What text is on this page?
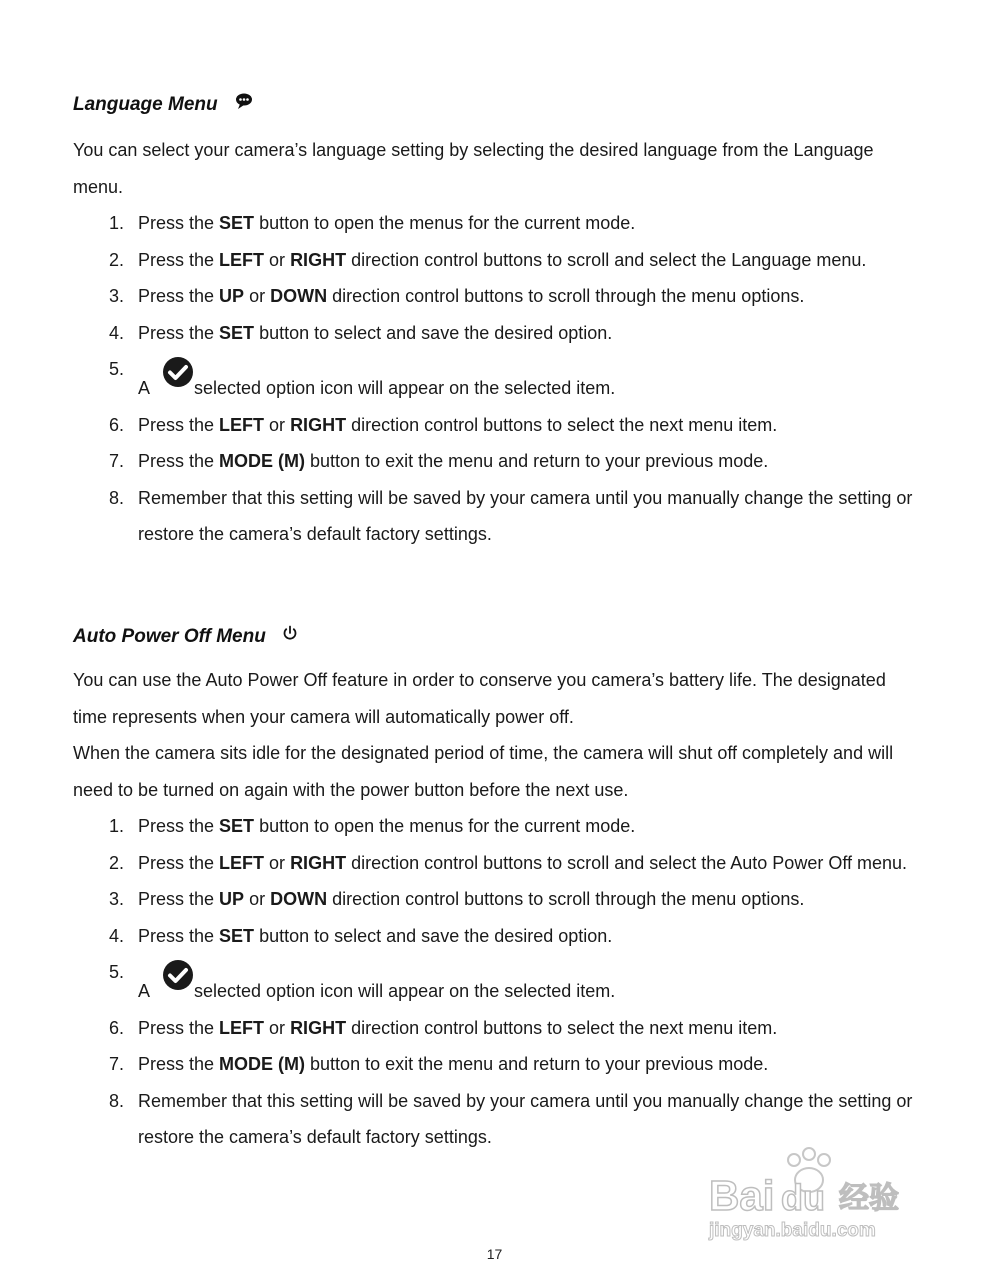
Language Menu

You can select your camera’s language setting by selecting the desired language from the Language menu.

1. Press the SET button to open the menus for the current mode.
2. Press the LEFT or RIGHT direction control buttons to scroll and select the Language menu.
3. Press the UP or DOWN direction control buttons to scroll through the menu options.
4. Press the SET button to select and save the desired option.
5.
A selected option icon will appear on the selected item.
6. Press the LEFT or RIGHT direction control buttons to select the next menu item.
7. Press the MODE (M) button to exit the menu and return to your previous mode.
8. Remember that this setting will be saved by your camera until you manually change the setting or restore the camera’s default factory settings.
Auto Power Off Menu

You can use the Auto Power Off feature in order to conserve you camera’s battery life. The designated time represents when your camera will automatically power off.

When the camera sits idle for the designated period of time, the camera will shut off completely and will need to be turned on again with the power button before the next use.

1. Press the SET button to open the menus for the current mode.
2. Press the LEFT or RIGHT direction control buttons to scroll and select the Auto Power Off menu.
3. Press the UP or DOWN direction control buttons to scroll through the menu options.
4. Press the SET button to select and save the desired option.
5.
A selected option icon will appear on the selected item.
6. Press the LEFT or RIGHT direction control buttons to select the next menu item.
7. Press the MODE (M) button to exit the menu and return to your previous mode.
8. Remember that this setting will be saved by your camera until you manually change the setting or restore the camera’s default factory settings.
17
Bai du 经验
jingyan.baidu.com
